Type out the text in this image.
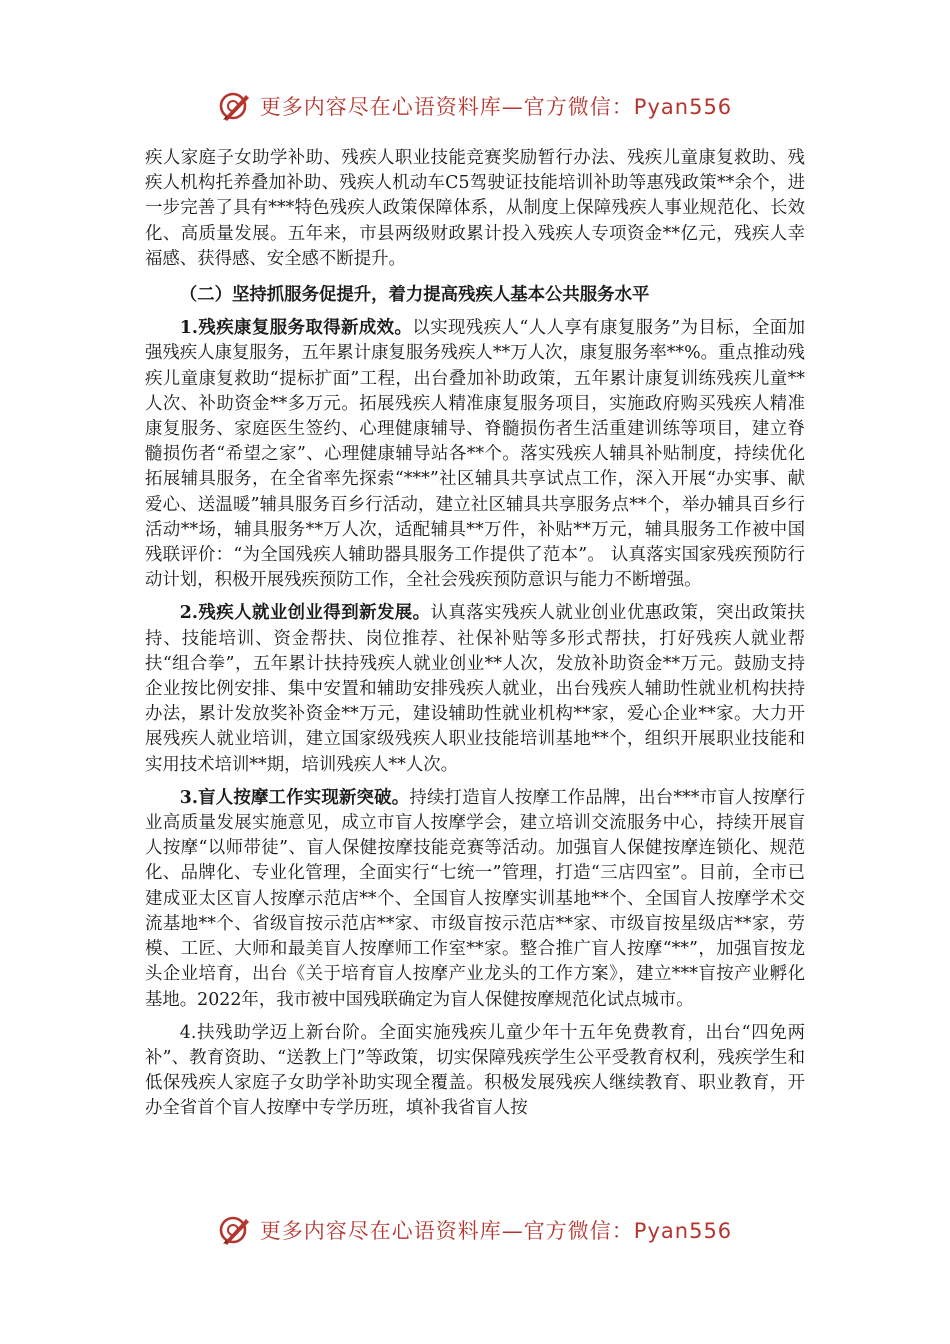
更多内容尽在心语资料库—官方微信：Pyan556

疾人家庭子女助学补助、残疾人职业技能竞赛奖励暂行办法、残疾儿童康复救助、残疾人机构托养叠加补助、残疾人机动车C5驾驶证技能培训补助等惠残政策**余个，进一步完善了具有***特色残疾人政策保障体系，从制度上保障残疾人事业规范化、长效化、高质量发展。五年来，市县两级财政累计投入残疾人专项资金**亿元，残疾人幸福感、获得感、安全感不断提升。

（二）坚持抓服务促提升，着力提高残疾人基本公共服务水平

1.残疾康复服务取得新成效。以实现残疾人“人人享有康复服务”为目标，全面加强残疾人康复服务，五年累计康复服务残疾人**万人次，康复服务率**%。重点推动残疾儿童康复救助“提标扩面”工程，出台叠加补助政策，五年累计康复训练残疾儿童**人次、补助资金**多万元。拓展残疾人精准康复服务项目，实施政府购买残疾人精准康复服务、家庭医生签约、心理健康辅导、脊髓损伤者生活重建训练等项目，建立脊髓损伤者“希望之家”、心理健康辅导站各**个。落实残疾人辅具补贴制度，持续优化拓展辅具服务，在全省率先探索“***”社区辅具共享试点工作，深入开展“办实事、献爱心、送温暖”辅具服务百乡行活动，建立社区辅具共享服务点**个，举办辅具百乡行活动**场，辅具服务**万人次，适配辅具**万件，补贴**万元，辅具服务工作被中国残联评价：“为全国残疾人辅助器具服务工作提供了范本”。 认真落实国家残疾预防行动计划，积极开展残疾预防工作，全社会残疾预防意识与能力不断增强。

2.残疾人就业创业得到新发展。认真落实残疾人就业创业优惠政策，突出政策扶持、技能培训、资金帮扶、岗位推荐、社保补贴等多形式帮扶，打好残疾人就业帮扶“组合拳”，五年累计扶持残疾人就业创业**人次，发放补助资金**万元。鼓励支持企业按比例安排、集中安置和辅助安排残疾人就业，出台残疾人辅助性就业机构扶持办法，累计发放奖补资金**万元，建设辅助性就业机构**家，爱心企业**家。大力开展残疾人就业培训，建立国家级残疾人职业技能培训基地**个，组织开展职业技能和实用技术培训**期，培训残疾人**人次。

3.盲人按摩工作实现新突破。持续打造盲人按摩工作品牌，出台***市盲人按摩行业高质量发展实施意见，成立市盲人按摩学会，建立培训交流服务中心，持续开展盲人按摩“以师带徒”、盲人保健按摩技能竞赛等活动。加强盲人保健按摩连锁化、规范化、品牌化、专业化管理，全面实行“七统一”管理，打造“三店四室”。目前，全市已建成亚太区盲人按摩示范店**个、全国盲人按摩实训基地**个、全国盲人按摩学术交流基地**个、省级盲按示范店**家、市级盲按示范店**家、市级盲按星级店**家，劳模、工匠、大师和最美盲人按摩师工作室**家。整合推广盲人按摩“**”，加强盲按龙头企业培育，出台《关于培育盲人按摩产业龙头的工作方案》，建立***盲按产业孵化基地。2022年，我市被中国残联确定为盲人保健按摩规范化试点城市。

4.扶残助学迈上新台阶。全面实施残疾儿童少年十五年免费教育，出台“四免两补”、教育资助、“送教上门”等政策，切实保障残疾学生公平受教育权利，残疾学生和低保残疾人家庭子女助学补助实现全覆盖。积极发展残疾人继续教育、职业教育，开办全省首个盲人按摩中专学历班，填补我省盲人按

更多内容尽在心语资料库—官方微信：Pyan556
